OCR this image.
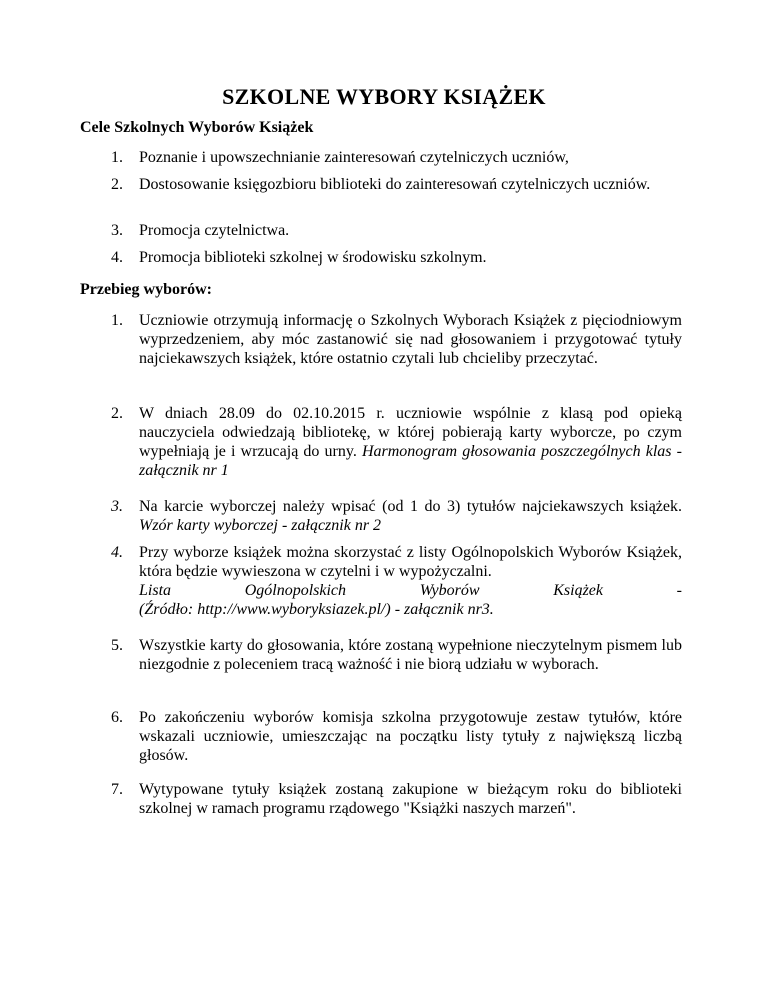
SZKOLNE WYBORY KSIĄŻEK
Cele Szkolnych Wyborów Książek
1.	Poznanie i upowszechnianie zainteresowań czytelniczych uczniów,
2.	Dostosowanie księgozbioru biblioteki do zainteresowań czytelniczych uczniów.
3.	Promocja czytelnictwa.
4.	Promocja biblioteki szkolnej w środowisku szkolnym.
Przebieg wyborów:
1.	Uczniowie otrzymują informację o Szkolnych Wyborach Książek z pięciodniowym wyprzedzeniem, aby móc zastanowić się nad głosowaniem i przygotować tytuły najciekawszych książek, które ostatnio czytali lub chcieliby przeczytać.
2.	W dniach 28.09 do 02.10.2015 r. uczniowie wspólnie z klasą pod opieką nauczyciela odwiedzają bibliotekę, w której pobierają karty wyborcze, po czym wypełniają je i wrzucają do urny. Harmonogram głosowania poszczególnych klas - załącznik nr 1
3.	Na karcie wyborczej należy wpisać (od 1 do 3) tytułów najciekawszych książek. Wzór karty wyborczej - załącznik nr 2
4.	Przy wyborze książek można skorzystać z listy Ogólnopolskich Wyborów Książek, która będzie wywieszona w czytelni i w wypożyczalni.
Lista Ogólnopolskich Wyborów Książek -
(Źródło: http://www.wyboryksiazek.pl/) - załącznik nr3.
5.	Wszystkie karty do głosowania, które zostaną wypełnione nieczytelnym pismem lub niezgodnie z poleceniem tracą ważność i nie biorą udziału w wyborach.
6.	Po zakończeniu wyborów komisja szkolna przygotowuje zestaw tytułów, które wskazali uczniowie, umieszczając na początku listy tytuły z największą liczbą głosów.
7.	Wytypowane tytuły książek zostaną zakupione w bieżącym roku do biblioteki szkolnej w ramach programu rządowego "Książki naszych marzeń".
